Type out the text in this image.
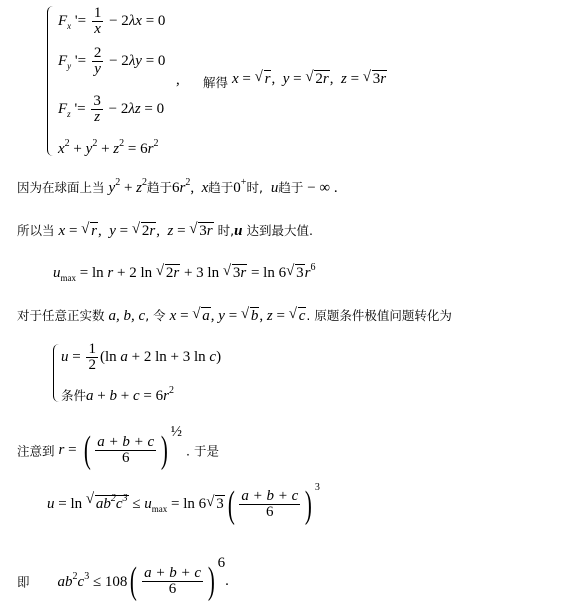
$F_x$ '= $\frac{1}{x} - 2\lambda x = 0$
$F_y$ '= $\frac{2}{y} - 2\lambda y = 0$
$F_z$ '= $\frac{3}{z} - 2\lambda z = 0$
$x^2 + y^2 + z^2 = 6r^2$
, 解得 x = √ r,  y = √ 2r,  z = √ 3r
因为在球面上当 $y^2 + z^2$趋于$6r^2$,  x趋于0+时, u趋于 − ∞ .
所以当 x = √ r,  y = √ 2r,  z = √ 3r 时,u 达到最大值.
$u_{max} = \ln r + 2$ ln √ 2r + 3 ln √ 3r = ln 6√ $3r^6$
对于任意正实数 a, b, c, 令 x = √ a, y = √ b, z = √ c. 原题条件极值问题转化为
$u = \frac{1}{2} (\ln$ a + 2 ln + 3 ln c)
条件$a + b + c = 6r^2$
注意到 r = ( $\frac{a + b + c}{6}$ ) $^{\frac{1}{2}}$ . 于是
u = ln √ $ab^2c^3 \le u_{max} = \ln 6√$ 3 ( $\frac{a + b + c}{6}$ ) $^3$
即 $ab^2c^3 \le 108( \frac{a + b + c}{6}$ ) $^6$.
